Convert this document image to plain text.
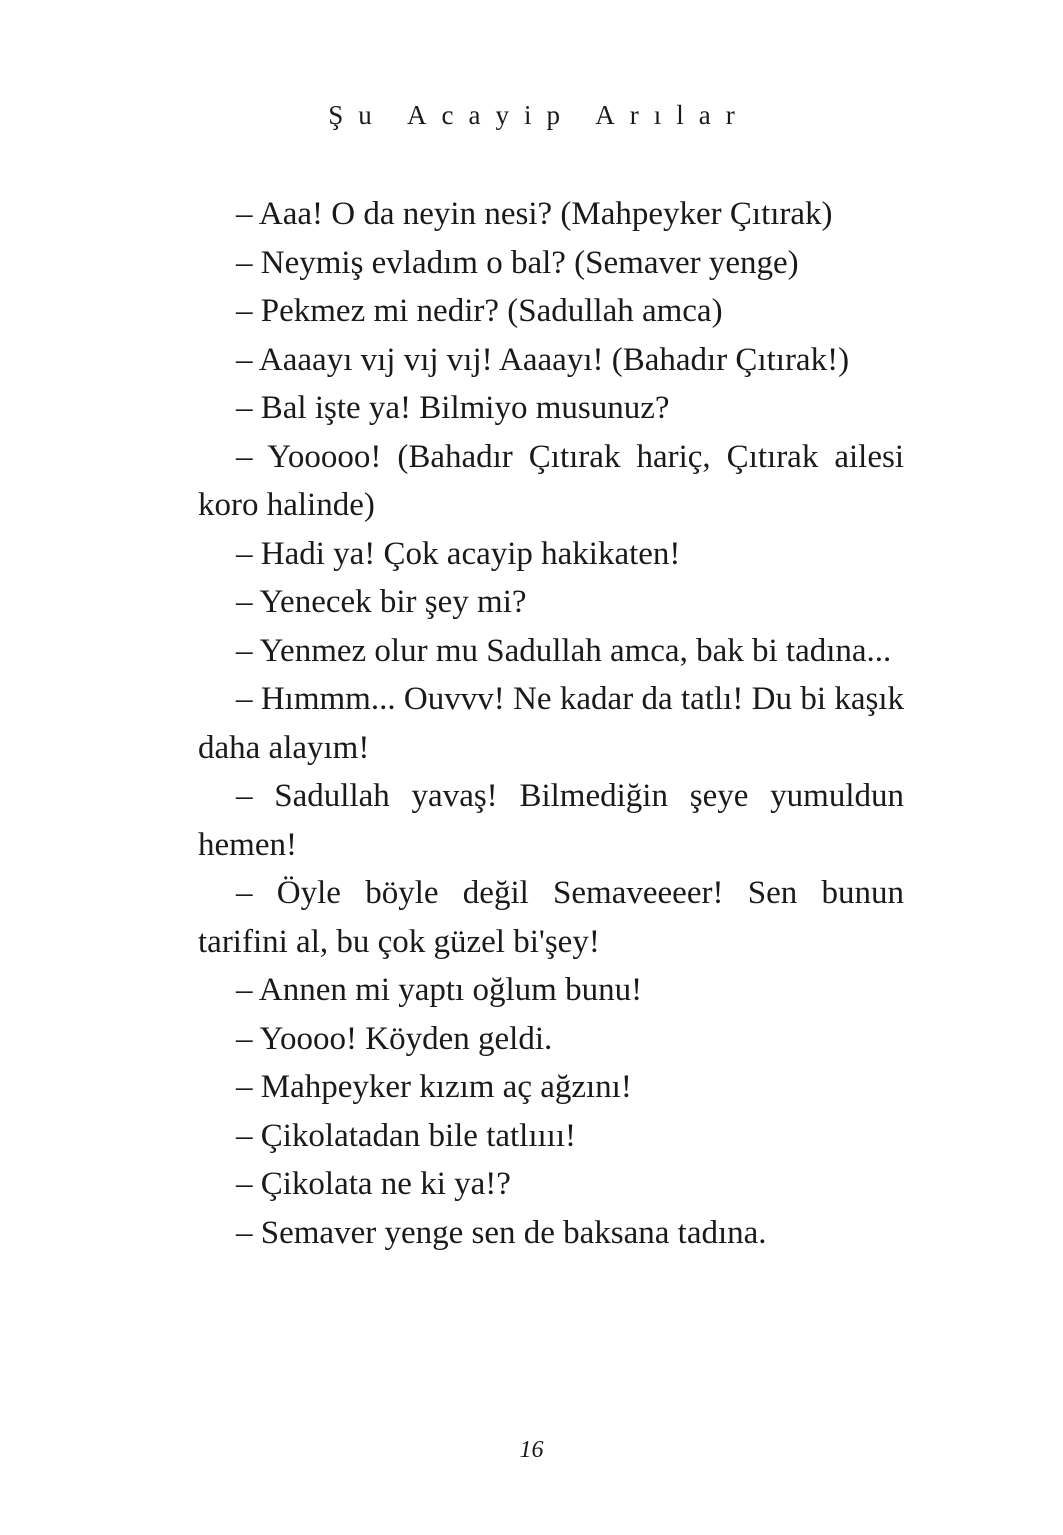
Şu Acayip Arılar

– Aaa! O da neyin nesi? (Mahpeyker Çıtırak)

– Neymiş evladım o bal? (Semaver yenge)

– Pekmez mi nedir? (Sadullah amca)

– Aaaayı vıj vıj vıj! Aaaayı! (Bahadır Çıtırak!)

– Bal işte ya! Bilmiyo musunuz?

– Yooooo! (Bahadır Çıtırak hariç, Çıtırak ailesi koro halinde)

– Hadi ya! Çok acayip hakikaten!

– Yenecek bir şey mi?

– Yenmez olur mu Sadullah amca, bak bi tadına...

– Hımmm... Ouvvv! Ne kadar da tatlı! Du bi kaşık daha alayım!

– Sadullah yavaş! Bilmediğin şeye yumuldun hemen!

– Öyle böyle değil Semaveeeer! Sen bunun tarifini al, bu çok güzel bi'şey!

– Annen mi yaptı oğlum bunu!

– Yoooo! Köyden geldi.

– Mahpeyker kızım aç ağzını!

– Çikolatadan bile tatlıııı!

– Çikolata ne ki ya!?

– Semaver yenge sen de baksana tadına.

16
